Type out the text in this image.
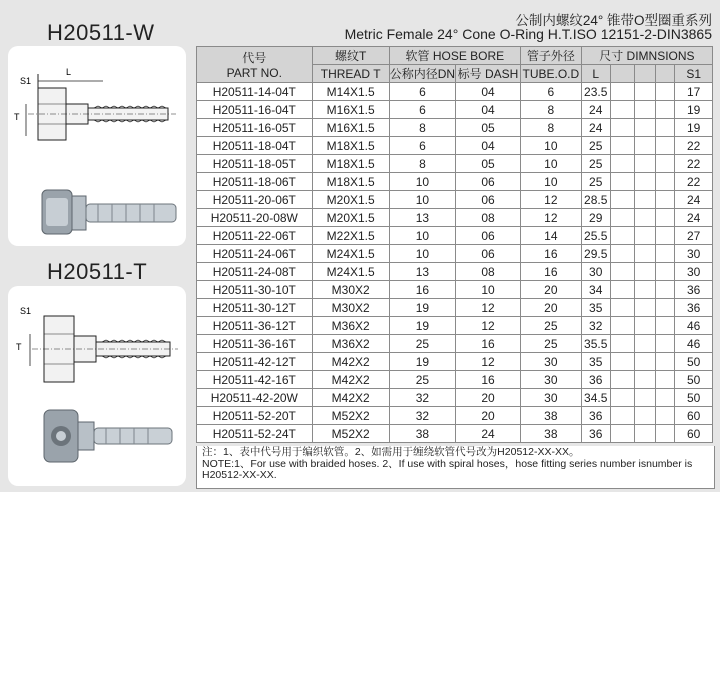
H20511-W
H20511-T
L
S1
T
S1
T
公制内螺纹24° 锥带O型圈重系列
Metric Female 24° Cone O-Ring H.T.ISO 12151-2-DIN3865
代号
PART NO.	螺纹T	软管 HOSE BORE		管子外径	尺寸 DIMNSIONS				
	THREAD T	公称内径DN	标号 DASH	TUBE.O.D	L				S1
H20511-14-04T	M14X1.5	6	04	6	23.5				17
H20511-16-04T	M16X1.5	6	04	8	24				19
H20511-16-05T	M16X1.5	8	05	8	24				19
H20511-18-04T	M18X1.5	6	04	10	25				22
H20511-18-05T	M18X1.5	8	05	10	25				22
H20511-18-06T	M18X1.5	10	06	10	25				22
H20511-20-06T	M20X1.5	10	06	12	28.5				24
H20511-20-08W	M20X1.5	13	08	12	29				24
H20511-22-06T	M22X1.5	10	06	14	25.5				27
H20511-24-06T	M24X1.5	10	06	16	29.5				30
H20511-24-08T	M24X1.5	13	08	16	30				30
H20511-30-10T	M30X2	16	10	20	34				36
H20511-30-12T	M30X2	19	12	20	35				36
H20511-36-12T	M36X2	19	12	25	32				46
H20511-36-16T	M36X2	25	16	25	35.5				46
H20511-42-12T	M42X2	19	12	30	35				50
H20511-42-16T	M42X2	25	16	30	36				50
H20511-42-20W	M42X2	32	20	30	34.5				50
H20511-52-20T	M52X2	32	20	38	36				60
H20511-52-24T	M52X2	38	24	38	36				60
注：1、表中代号用于编织软管。2、如需用于缠绕软管代号改为H20512-XX-XX。
NOTE:1、For use with braided hoses. 2、If use with spiral hoses，hose fitting series number isnumber is
H20512-XX-XX.
